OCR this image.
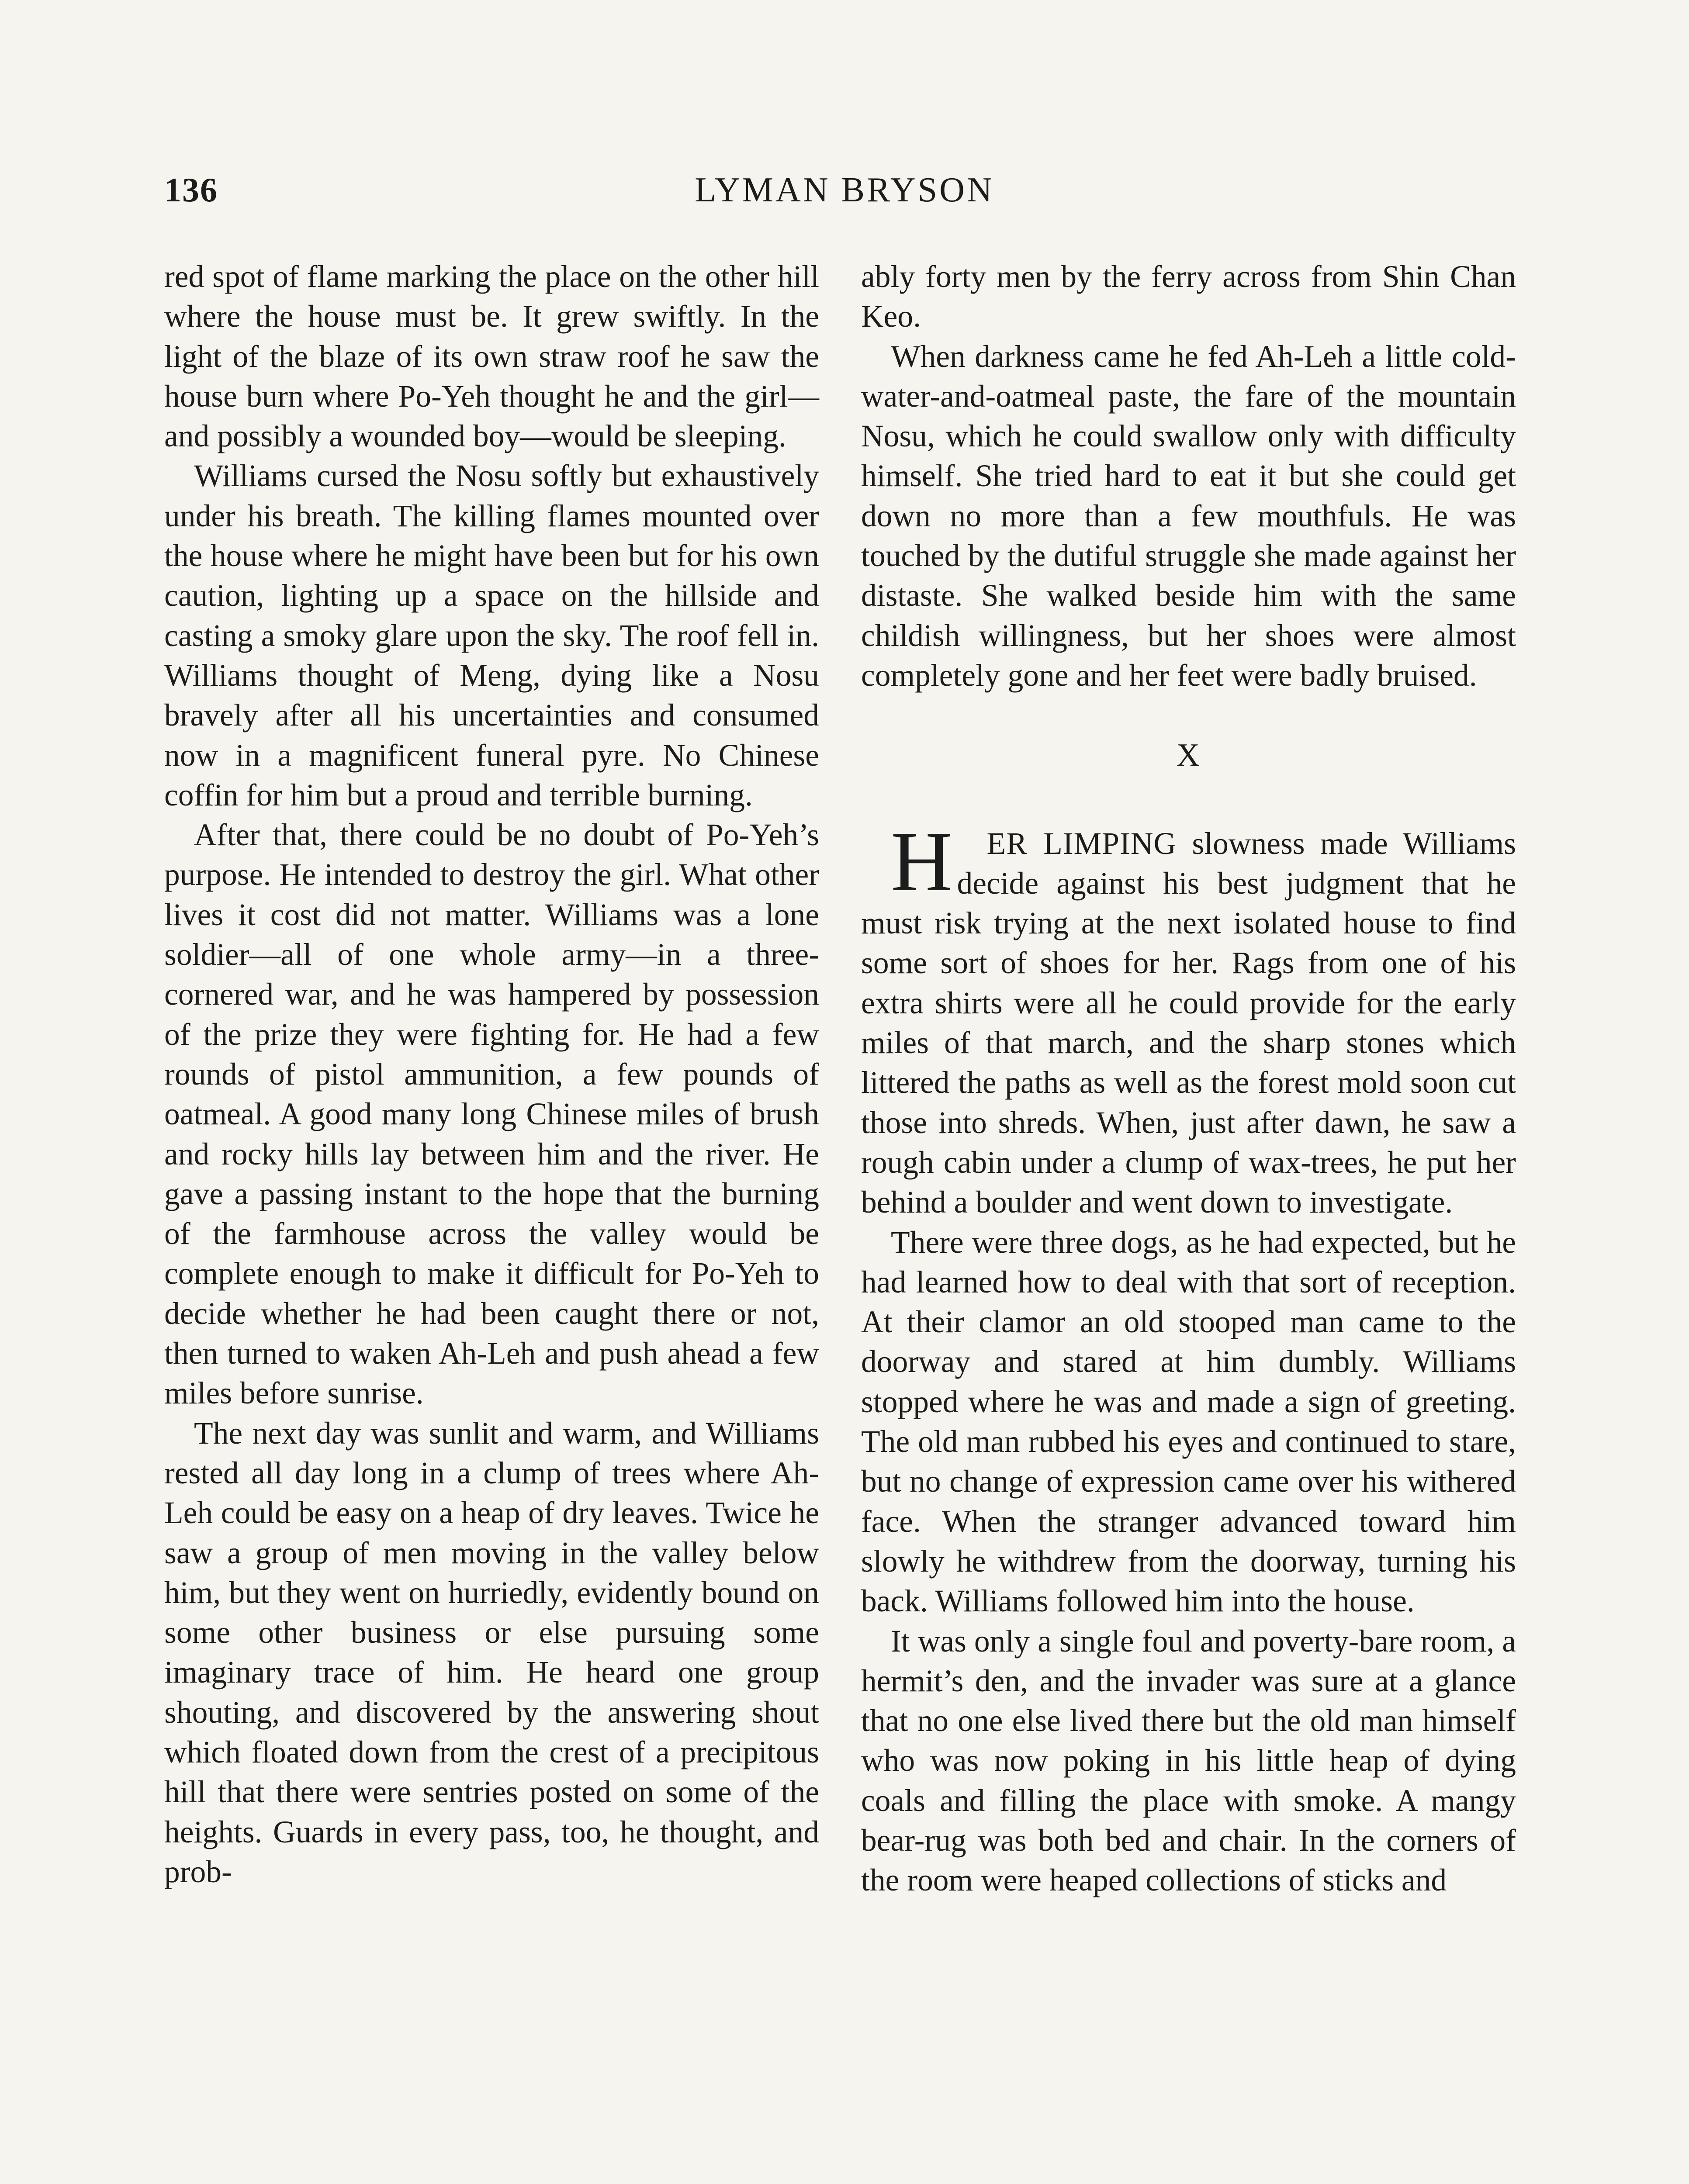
136	LYMAN BRYSON

red spot of flame marking the place on the other hill where the house must be. It grew swiftly. In the light of the blaze of its own straw roof he saw the house burn where Po-Yeh thought he and the girl—and possibly a wounded boy—would be sleeping.

Williams cursed the Nosu softly but exhaustively under his breath. The killing flames mounted over the house where he might have been but for his own caution, lighting up a space on the hillside and casting a smoky glare upon the sky. The roof fell in. Williams thought of Meng, dying like a Nosu bravely after all his uncertainties and consumed now in a magnificent funeral pyre. No Chinese coffin for him but a proud and terrible burning.

After that, there could be no doubt of Po-Yeh’s purpose. He intended to destroy the girl. What other lives it cost did not matter. Williams was a lone soldier—all of one whole army—in a three-cornered war, and he was hampered by possession of the prize they were fighting for. He had a few rounds of pistol ammunition, a few pounds of oatmeal. A good many long Chinese miles of brush and rocky hills lay between him and the river. He gave a passing instant to the hope that the burning of the farmhouse across the valley would be complete enough to make it difficult for Po-Yeh to decide whether he had been caught there or not, then turned to waken Ah-Leh and push ahead a few miles before sunrise.

The next day was sunlit and warm, and Williams rested all day long in a clump of trees where Ah-Leh could be easy on a heap of dry leaves. Twice he saw a group of men moving in the valley below him, but they went on hurriedly, evidently bound on some other business or else pursuing some imaginary trace of him. He heard one group shouting, and discovered by the answering shout which floated down from the crest of a precipitous hill that there were sentries posted on some of the heights. Guards in every pass, too, he thought, and prob-

ably forty men by the ferry across from Shin Chan Keo.

When darkness came he fed Ah-Leh a little cold-water-and-oatmeal paste, the fare of the mountain Nosu, which he could swallow only with difficulty himself. She tried hard to eat it but she could get down no more than a few mouthfuls. He was touched by the dutiful struggle she made against her distaste. She walked beside him with the same childish willingness, but her shoes were almost completely gone and her feet were badly bruised.

X

H ER LIMPING slowness made Williams decide against his best judgment that he must risk trying at the next isolated house to find some sort of shoes for her. Rags from one of his extra shirts were all he could provide for the early miles of that march, and the sharp stones which littered the paths as well as the forest mold soon cut those into shreds. When, just after dawn, he saw a rough cabin under a clump of wax-trees, he put her behind a boulder and went down to investigate.

There were three dogs, as he had expected, but he had learned how to deal with that sort of reception. At their clamor an old stooped man came to the doorway and stared at him dumbly. Williams stopped where he was and made a sign of greeting. The old man rubbed his eyes and continued to stare, but no change of expression came over his withered face. When the stranger advanced toward him slowly he withdrew from the doorway, turning his back. Williams followed him into the house.

It was only a single foul and poverty-bare room, a hermit’s den, and the invader was sure at a glance that no one else lived there but the old man himself who was now poking in his little heap of dying coals and filling the place with smoke. A mangy bear-rug was both bed and chair. In the corners of the room were heaped collections of sticks and
